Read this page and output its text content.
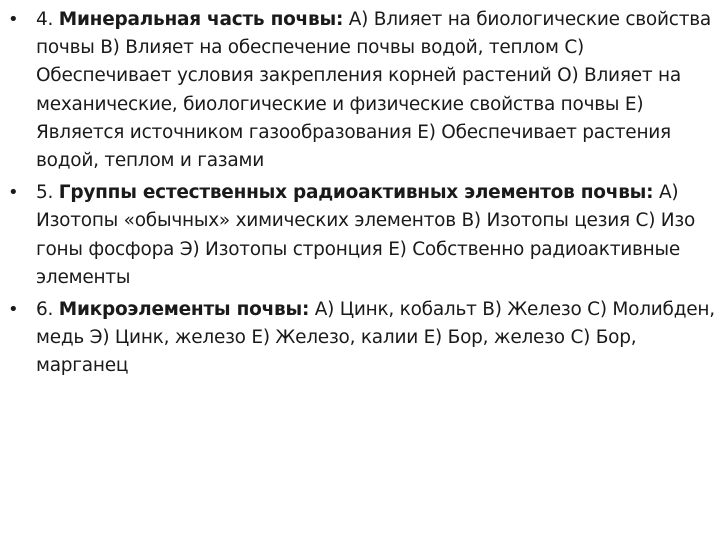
• 4. Минеральная часть почвы: А) Влияет на биологические свойства почвы В) Влияет на обеспечение почвы водой, теплом С) Обеспечивает условия закрепления корней растений О) Влияет на механические, биологические и физические свойства почвы Е) Является источником газообразования Е) Обеспечивает растения водой, теплом и газами
• 5. Группы естественных радиоактивных элементов почвы: А) Изотопы «обычных» химических элементов В) Изотопы цезия С) Изо гоны фосфора Э) Изотопы стронция Е) Собственно радиоактивные элементы
• 6. Микроэлементы почвы: А) Цинк, кобальт В) Железо С) Молибден, медь Э) Цинк, железо Е) Железо, калии Е) Бор, железо С) Бор, марганец
